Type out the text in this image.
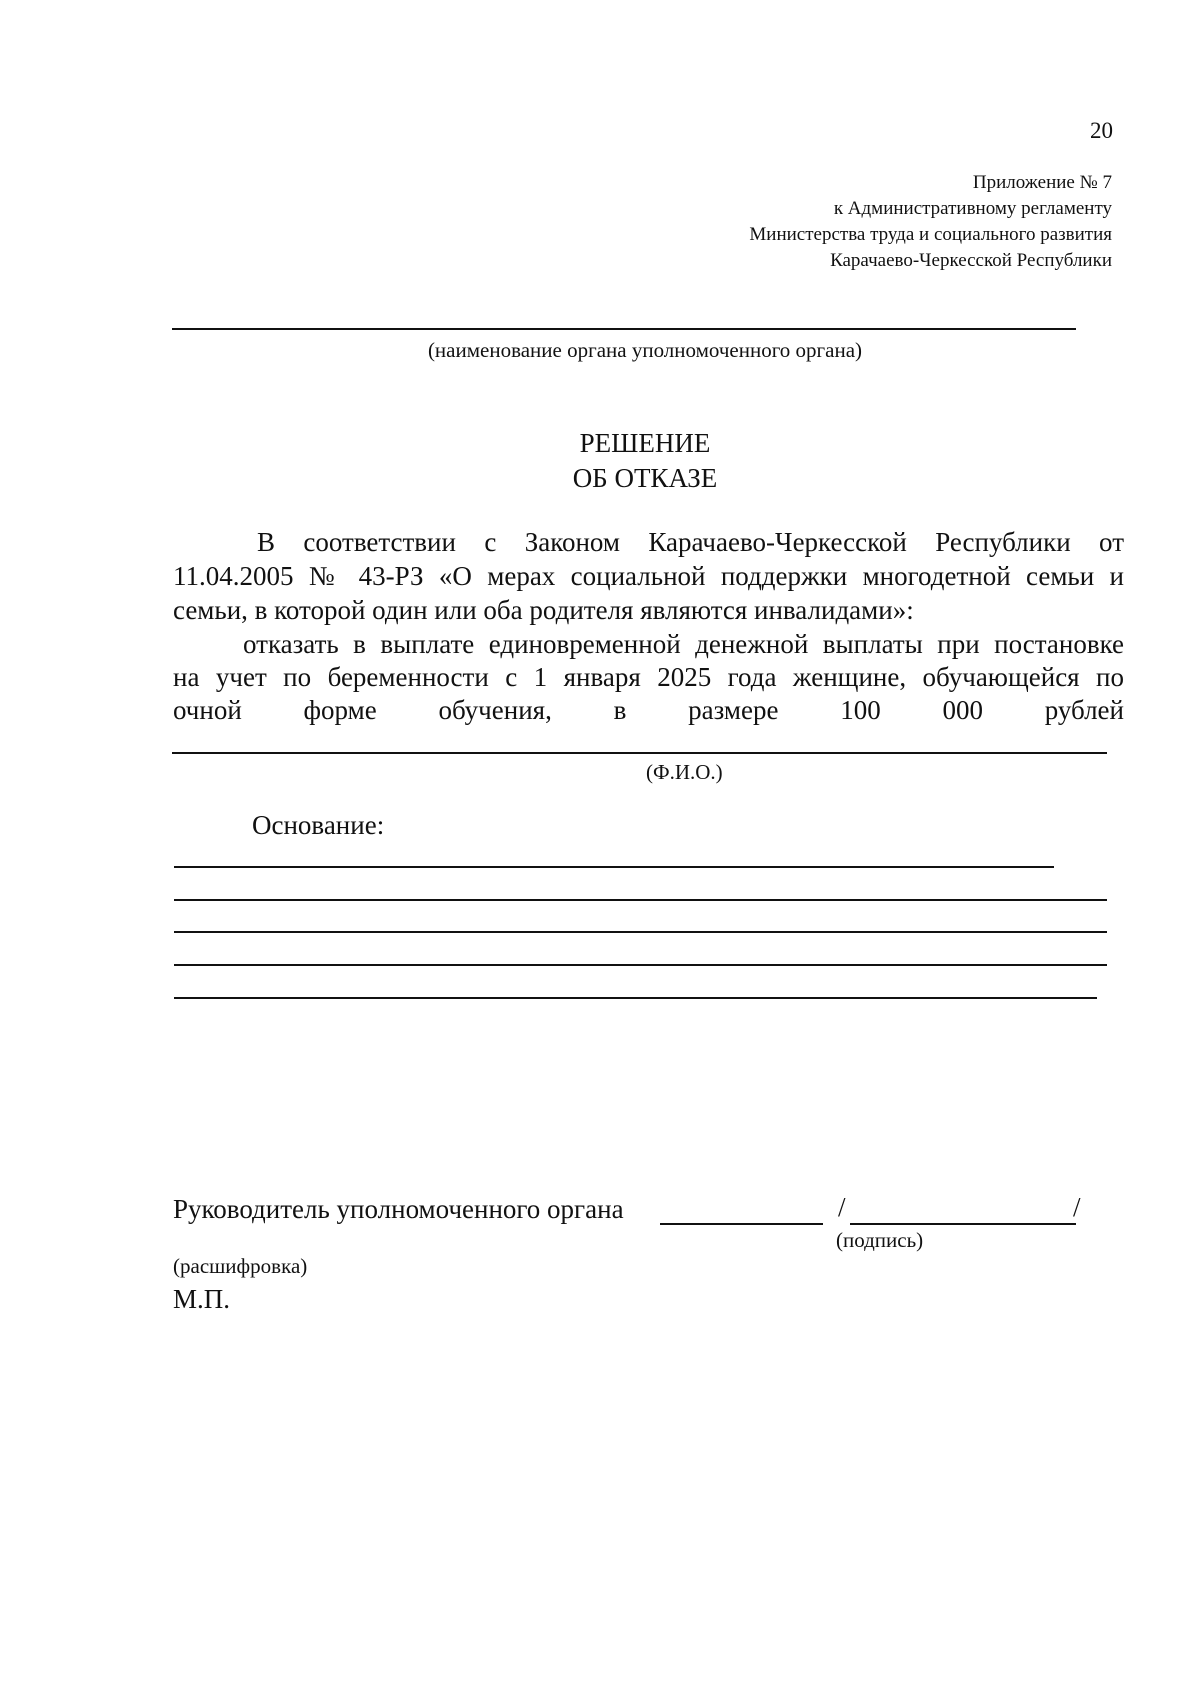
20
Приложение № 7
к Административному регламенту
Министерства труда и социального развития
Карачаево-Черкесской Республики
(наименование органа уполномоченного органа)
РЕШЕНИЕ
ОБ ОТКАЗЕ
В соответствии с Законом Карачаево-Черкесской Республики от
11.04.2005 № 43-РЗ «О мерах социальной поддержки многодетной семьи и
семьи, в которой один или оба родителя являются инвалидами»:
отказать в выплате единовременной денежной выплаты при постановке
на учет по беременности с 1 января 2025 года женщине, обучающейся по
очной форме обучения, в размере 100 000 рублей
(Ф.И.О.)
Основание:
Руководитель уполномоченного органа	/	/
(подпись)
(расшифровка)
М.П.
